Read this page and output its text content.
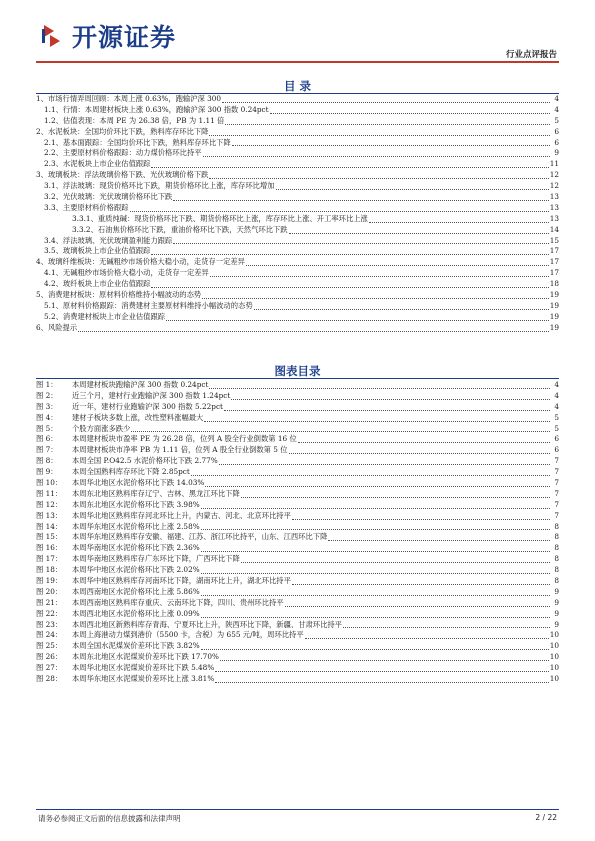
开源证券
行业点评报告
目 录
1、 市场行情弄周回顾：本周上涨 0.63%，跑输沪深 300	4
1.1、 行情：本周建材板块上涨 0.63%，跑输沪深 300 指数 0.24pct	4
1.2、 估值表现：本周 PE 为 26.38 倍，PB 为 1.11 倍	5
2、 水泥板块：全国均价环比下跌，熟料库存环比下降	6
2.1、 基本面跟踪：全国均价环比下跌，熟料库存环比下降	6
2.2、 主要原材料价格跟踪：动力煤价格环比持平	9
2.3、 水泥板块上市企业估值跟踪	11
3、 玻璃板块：浮法玻璃价格下跌、光伏玻璃价格下跌	12
3.1、 浮法玻璃：现货价格环比下跌，期货价格环比上涨，库存环比增加	12
3.2、 光伏玻璃：光伏玻璃价格环比下跌	13
3.3、 主要原材料价格跟踪	13
3.3.1、 重质纯碱：现货价格环比下跌、期货价格环比上涨，库存环比上涨、开工率环比上涨	13
3.3.2、 石油焦价格环比下跌，重油价格环比下跌，天然气环比下跌	14
3.4、 浮法玻璃、光伏玻璃盈利能力跟踪	15
3.5、 玻璃板块上市企业估值跟踪	17
4、 玻璃纤维板块：无碱粗纱市场价格大稳小动，走货存一定差异	17
4.1、 无碱粗纱市场价格大稳小动，走货存一定差异	17
4.2、 玻纤板块上市企业估值跟踪	18
5、 消费建材板块：原材料价格维持小幅波动的态势	19
5.1、 原材料价格跟踪：消费建材主要原材料维持小幅波动的态势	19
5.2、 消费建材板块上市企业估值跟踪	19
6、 风险提示	19
图表目录
图 1：	本周建材板块跑输沪深 300 指数 0.24pct	4
图 2：	近三个月，建材行业跑输沪深 300 指数 1.24pct	4
图 3：	近一年，建材行业跑输沪深 300 指数 5.22pct	4
图 4：	建材子板块多数上涨，改性塑料涨幅最大	5
图 5：	个股方面涨多跌少	5
图 6：	本周建材板块市盈率 PE 为 26.28 倍，位列 A 股全行业倒数第 16 位	6
图 7：	本周建材板块市净率 PB 为 1.11 倍，位列 A 股全行业倒数第 5 位	6
图 8：	本周全国 P.O42.5 水泥价格环比下跌 2.77%	7
图 9：	本周全国熟料库存环比下降 2.85pct	7
图 10：	本周华北地区水泥价格环比下跌 14.03%	7
图 11：	本周东北地区熟料库存辽宁、吉林、黑龙江环比下降	7
图 12：	本周东北地区水泥价格环比下跌 3.98%	7
图 13：	本周华北地区熟料库存河北环比上升，内蒙古、河北、北京环比持平	7
图 14：	本周华东地区水泥价格环比上涨 2.58%	8
图 15：	本周华东地区熟料库存安徽、福建、江苏、浙江环比持平，山东、江西环比下降	8
图 16：	本周华南地区水泥价格环比下跌 2.36%	8
图 17：	本周华南地区熟料库存广东环比下降，广西环比下降	8
图 18：	本周华中地区水泥价格环比下跌 2.02%	8
图 19：	本周华中地区熟料库存河南环比下降，湖南环比上升，湖北环比持平	8
图 20：	本周西南地区水泥价格环比上涨 5.86%	9
图 21：	本周西南地区熟料库存重庆、云南环比下降，四川、贵州环比持平	9
图 22：	本周西北地区水泥价格环比上涨 0.09%	9
图 23：	本周西北地区新熟料库存青海、宁夏环比上升，陕西环比下降，新疆、甘肃环比持平	9
图 24：	本周上海港动力煤到港价（5500 卡，含税）为 655 元/吨，周环比持平	10
图 25：	本周全国水泥煤炭价差环比下跌 3.82%	10
图 26：	本周东北地区水泥煤炭价差环比下跌 17.70%	10
图 27：	本周华北地区水泥煤炭价差环比下跌 5.48%	10
图 28：	本周华东地区水泥煤炭价差环比上涨 3.81%	10
请务必参阅正文后面的信息披露和法律声明	2 / 22
